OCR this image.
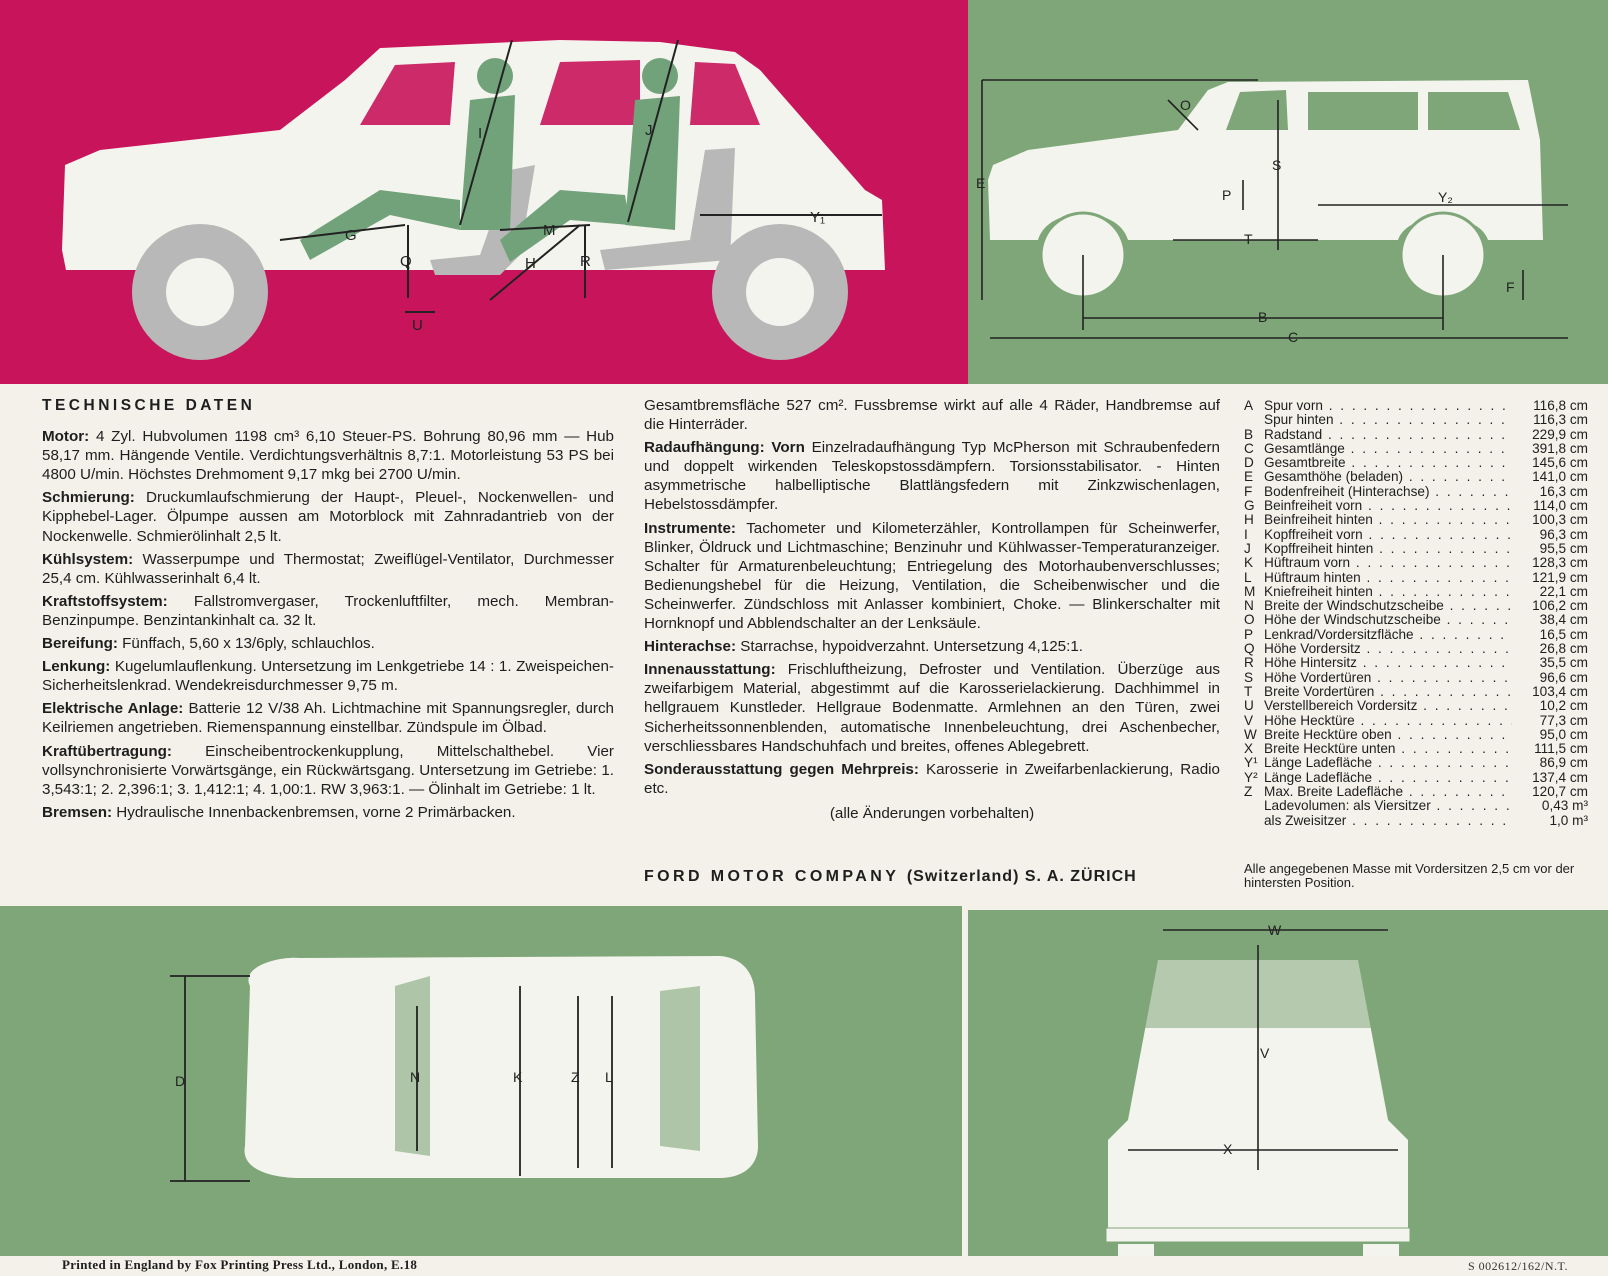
I	J
G	M
Y₁
Q	R
H
U
O
E
S
P	Y₂
T
F
B
C
TECHNISCHE DATEN
Motor: 4 Zyl. Hubvolumen 1198 cm³ 6,10 Steuer-PS. Bohrung 80,96 mm — Hub 58,17 mm. Hängende Ventile. Verdichtungsverhältnis 8,7:1. Motorleistung 53 PS bei 4800 U/min. Höchstes Drehmoment 9,17 mkg bei 2700 U/min.
Schmierung: Druckumlaufschmierung der Haupt-, Pleuel-, Nockenwellen- und Kipphebel-Lager. Ölpumpe aussen am Motorblock mit Zahnradantrieb von der Nockenwelle. Schmierölinhalt 2,5 lt.
Kühlsystem: Wasserpumpe und Thermostat; Zweiflügel-Ventilator, Durchmesser 25,4 cm. Kühlwasserinhalt 6,4 lt.
Kraftstoffsystem: Fallstromvergaser, Trockenluftfilter, mech. Membran-Benzinpumpe. Benzintankinhalt ca. 32 lt.
Bereifung: Fünffach, 5,60 x 13/6ply, schlauchlos.
Lenkung: Kugelumlauflenkung. Untersetzung im Lenkgetriebe 14 : 1. Zweispeichen-Sicherheitslenkrad. Wendekreisdurchmesser 9,75 m.
Elektrische Anlage: Batterie 12 V/38 Ah. Lichtmachine mit Spannungsregler, durch Keilriemen angetrieben. Riemenspannung einstellbar. Zündspule im Ölbad.
Kraftübertragung: Einscheibentrockenkupplung, Mittelschalthebel. Vier vollsynchronisierte Vorwärtsgänge, ein Rückwärtsgang. Untersetzung im Getriebe: 1. 3,543:1; 2. 2,396:1; 3. 1,412:1; 4. 1,00:1. RW 3,963:1. — Ölinhalt im Getriebe: 1 lt.
Bremsen: Hydraulische Innenbackenbremsen, vorne 2 Primärbacken.
Gesamtbremsfläche 527 cm². Fussbremse wirkt auf alle 4 Räder, Handbremse auf die Hinterräder.
Radaufhängung: Vorn Einzelradaufhängung Typ McPherson mit Schraubenfedern und doppelt wirkenden Teleskopstossdämpfern. Torsionsstabilisator. - Hinten asymmetrische halbelliptische Blattlängsfedern mit Zinkzwischenlagen, Hebelstossdämpfer.
Instrumente: Tachometer und Kilometerzähler, Kontrollampen für Scheinwerfer, Blinker, Öldruck und Lichtmaschine; Benzinuhr und Kühlwasser-Temperaturanzeiger. Schalter für Armaturenbeleuchtung; Entriegelung des Motorhaubenverschlusses; Bedienungshebel für die Heizung, Ventilation, die Scheibenwischer und die Scheinwerfer. Zündschloss mit Anlasser kombiniert, Choke. — Blinkerschalter mit Hornknopf und Abblendschalter an der Lenksäule.
Hinterachse: Starrachse, hypoidverzahnt. Untersetzung 4,125:1.
Innenausstattung: Frischluftheizung, Defroster und Ventilation. Überzüge aus zweifarbigem Material, abgestimmt auf die Karosserielackierung. Dachhimmel in hellgrauem Kunstleder. Hellgraue Bodenmatte. Armlehnen an den Türen, zwei Sicherheitssonnenblenden, automatische Innenbeleuchtung, drei Aschenbecher, verschliessbares Handschuhfach und breites, offenes Ablegebrett.
Sonderausstattung gegen Mehrpreis: Karosserie in Zweifarbenlackierung, Radio etc.
(alle Änderungen vorbehalten)
FORD MOTOR COMPANY (Switzerland) S. A. ZÜRICH
A Spur vorn . . .	116,8 cm
Spur hinten . . .	116,3 cm
B Radstand . . .	229,9 cm
C Gesamtlänge . . .	391,8 cm
D Gesamtbreite . . .	145,6 cm
E Gesamthöhe (beladen) . . .	141,0 cm
F Bodenfreiheit (Hinterachse) . . .	16,3 cm
G Beinfreiheit vorn . . .	114,0 cm
H Beinfreiheit hinten . . .	100,3 cm
I	Kopffreiheit vorn . . .	96,3 cm
J Kopffreiheit hinten . . .	95,5 cm
K Hüftraum vorn . . .	128,3 cm
L Hüftraum hinten . . .	121,9 cm
M Kniefreiheit hinten . . .	22,1 cm
N Breite der Windschutzscheibe . . .	106,2 cm
O Höhe der Windschutzscheibe . . .	38,4 cm
P Lenkrad/Vordersitzfläche . . .	16,5 cm
Q Höhe Vordersitz . . .	26,8 cm
R Höhe Hintersitz . . .	35,5 cm
S Höhe Vordertüren . . .	96,6 cm
T Breite Vordertüren . . .	103,4 cm
U Verstellbereich Vordersitz . . .	10,2 cm
V Höhe Hecktüre . . .	77,3 cm
W Breite Hecktüre oben . . .	95,0 cm
X Breite Hecktüre unten . . .	111,5 cm
Y¹ Länge Ladefläche . . .	86,9 cm
Y² Länge Ladefläche . . .	137,4 cm
Z Max. Breite Ladefläche . . .	120,7 cm
Ladevolumen: als Viersitzer . . .	0,43 m³
als Zweisitzer . . .	1,0 m³
Alle angegebenen Masse mit Vordersitzen 2,5 cm vor der hintersten Position.
D	N	K	Z L
W
V
X
Printed in England by Fox Printing Press Ltd., London, E.18	S 002612/162/N.T.
